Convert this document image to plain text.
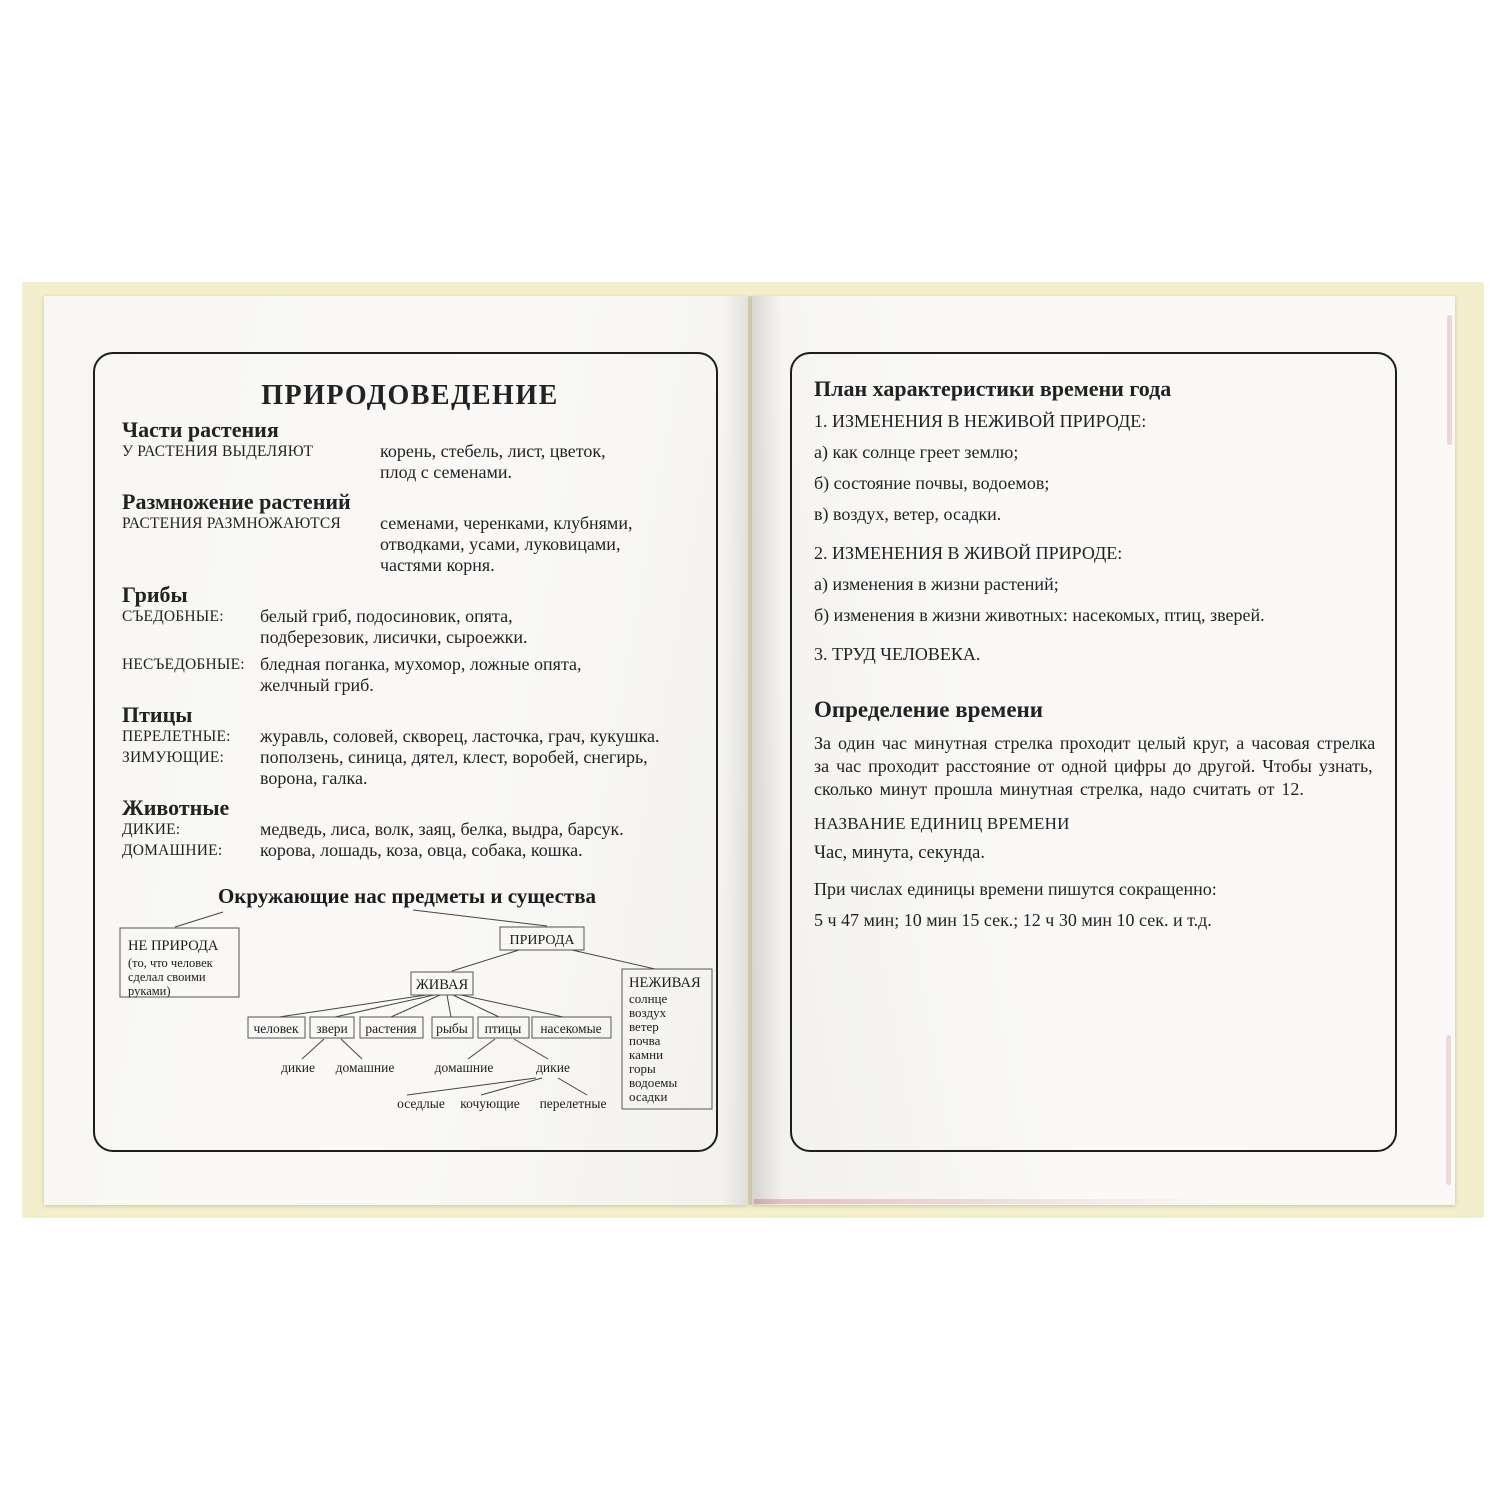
ПРИРОДОВЕДЕНИЕ
Части растения
У РАСТЕНИЯ ВЫДЕЛЯЮТ	корень, стебель, лист, цветок,
плод с семенами.
Размножение растений
РАСТЕНИЯ РАЗМНОЖАЮТСЯ	семенами, черенками, клубнями,
отводками, усами, луковицами,
частями корня.
Грибы
СЪЕДОБНЫЕ:	белый гриб, подосиновик, опята,
подберезовик, лисички, сыроежки.
НЕСЪЕДОБНЫЕ: бледная поганка, мухомор, ложные опята,
желчный гриб.
Птицы
ПЕРЕЛЕТНЫЕ:	журавль, соловей, скворец, ласточка, грач, кукушка.
ЗИМУЮЩИЕ:	поползень, синица, дятел, клест, воробей, снегирь,
ворона, галка.
Животные
ДИКИЕ:	медведь, лиса, волк, заяц, белка, выдра, барсук.
ДОМАШНИЕ:	корова, лошадь, коза, овца, собака, кошка.
Окружающие нас предметы и существа
НЕ ПРИРОДА
(то, что человек
сделал своими
руками)
ПРИРОДА
ЖИВАЯ	НЕЖИВАЯ
солнце
воздух
ветер
почва
камни
горы
водоемы
осадки
человек звери растения рыбы птицы насекомые
дикие домашние	домашние	дикие
оседлые кочующие перелетные
План характеристики времени года
1. ИЗМЕНЕНИЯ В НЕЖИВОЙ ПРИРОДЕ:
а) как солнце греет землю;
б) состояние почвы, водоемов;
в) воздух, ветер, осадки.
2. ИЗМЕНЕНИЯ В ЖИВОЙ ПРИРОДЕ:
а) изменения в жизни растений;
б) изменения в жизни животных: насекомых, птиц, зверей.
3. ТРУД ЧЕЛОВЕКА.
Определение времени
За один час минутная стрелка проходит целый круг, а часовая стрелка
за час проходит расстояние от одной цифры до другой. Чтобы узнать,
сколько минут прошла минутная стрелка, надо считать от 12.
НАЗВАНИЕ ЕДИНИЦ ВРЕМЕНИ
Час, минута, секунда.
При числах единицы времени пишутся сокращенно:
5 ч 47 мин; 10 мин 15 сек.; 12 ч 30 мин 10 сек. и т.д.
